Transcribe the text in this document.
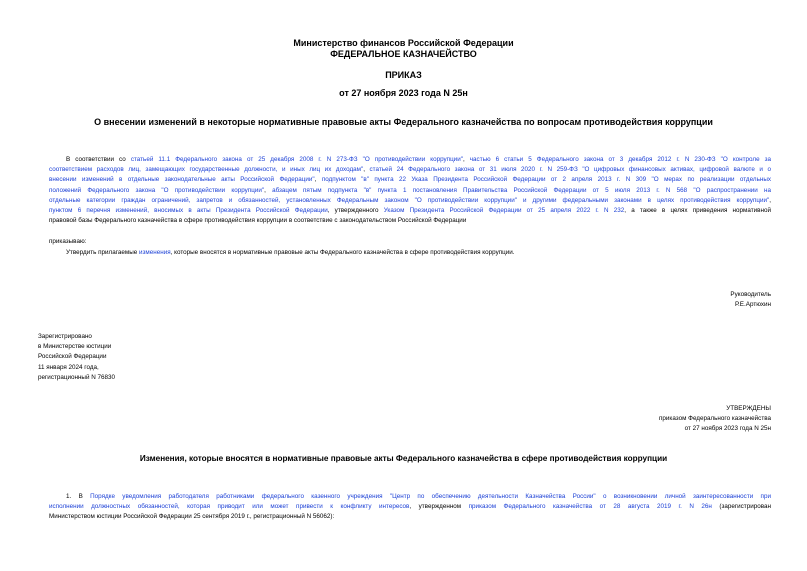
Министерство финансов Российской Федерации
ФЕДЕРАЛЬНОЕ КАЗНАЧЕЙСТВО
ПРИКАЗ
от 27 ноября 2023 года N 25н
О внесении изменений в некоторые нормативные правовые акты Федерального казначейства по вопросам противодействия коррупции
В соответствии со статьей 11.1 Федерального закона от 25 декабря 2008 г. N 273-ФЗ "О противодействии коррупции", частью 6 статьи 5 Федерального закона от 3 декабря 2012 г. N 230-ФЗ "О контроле за
соответствием расходов лиц, замещающих государственные должности, и иных лиц их доходам", статьей 24 Федерального закона от 31 июля 2020 г. N 259-ФЗ "О цифровых финансовых активах, цифровой валюте и о
внесении изменений в отдельные законодательные акты Российской Федерации", подпунктом "в" пункта 22 Указа Президента Российской Федерации от 2 апреля 2013 г. N 309 "О мерах по реализации отдельных
положений Федерального закона "О противодействии коррупции", абзацем пятым подпункта "в" пункта 1 постановления Правительства Российской Федерации от 5 июля 2013 г. N 568 "О распространении на
отдельные категории граждан ограничений, запретов и обязанностей, установленных Федеральным законом "О противодействии коррупции" и другими федеральными законами в целях противодействия коррупции",
пунктом 6 перечня изменений, вносимых в акты Президента Российской Федерации, утвержденного Указом Президента Российской Федерации от 25 апреля 2022 г. N 232, а также в целях приведения нормативной
правовой базы Федерального казначейства в сфере противодействия коррупции в соответствие с законодательством Российской Федерации
приказываю:
Утвердить прилагаемые изменения, которые вносятся в нормативные правовые акты Федерального казначейства в сфере противодействия коррупции.
Руководитель
Р.Е.Артюхин
Зарегистрировано
в Министерстве юстиции
Российской Федерации
11 января 2024 года,
регистрационный N 76830
УТВЕРЖДЕНЫ
приказом Федерального казначейства
от 27 ноября 2023 года N 25н
Изменения, которые вносятся в нормативные правовые акты Федерального казначейства в сфере противодействия коррупции
1. В Порядке уведомления работодателя работниками федерального казенного учреждения "Центр по обеспечению деятельности Казначейства России" о возникновении личной заинтересованности при
исполнении должностных обязанностей, которая приводит или может привести к конфликту интересов, утвержденном приказом Федерального казначейства от 28 августа 2019 г. N 26н (зарегистрирован
Министерством юстиции Российской Федерации 25 сентября 2019 г., регистрационный N 56062):
